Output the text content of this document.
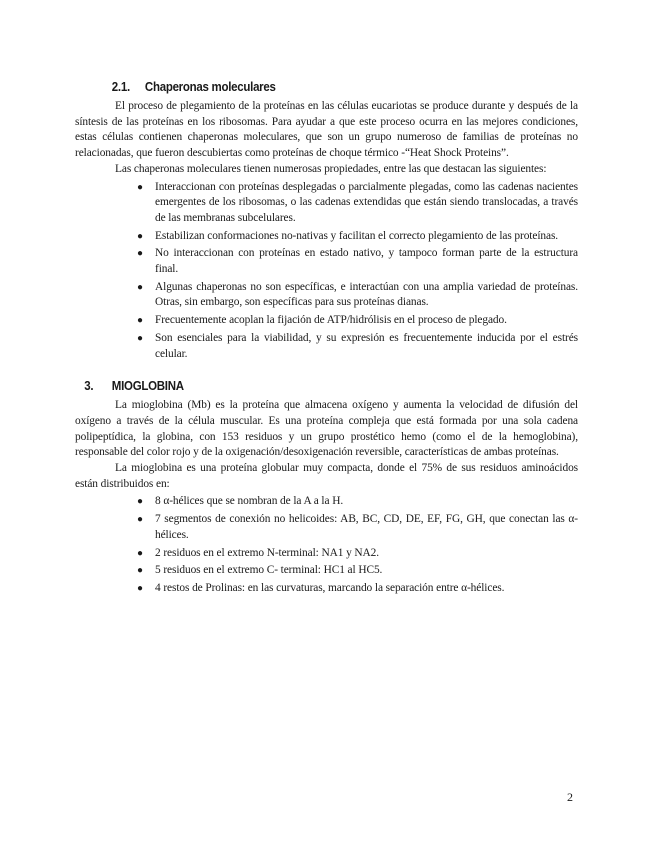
2.1. Chaperonas moleculares

El proceso de plegamiento de la proteínas en las células eucariotas se produce durante y después de la síntesis de las proteínas en los ribosomas. Para ayudar a que este proceso ocurra en las mejores condiciones, estas células contienen chaperonas moleculares, que son un grupo numeroso de familias de proteínas no relacionadas, que fueron descubiertas como proteínas de choque térmico -“Heat Shock Proteins”.

Las chaperonas moleculares tienen numerosas propiedades, entre las que destacan las siguientes:

● Interaccionan con proteínas desplegadas o parcialmente plegadas, como las cadenas nacientes emergentes de los ribosomas, o las cadenas extendidas que están siendo translocadas, a través de las membranas subcelulares.
● Estabilizan conformaciones no-nativas y facilitan el correcto plegamiento de las proteínas.
● No interaccionan con proteínas en estado nativo, y tampoco forman parte de la estructura final.
● Algunas chaperonas no son específicas, e interactúan con una amplia variedad de proteínas. Otras, sin embargo, son específicas para sus proteínas dianas.
● Frecuentemente acoplan la fijación de ATP/hidrólisis en el proceso de plegado.
● Son esenciales para la viabilidad, y su expresión es frecuentemente inducida por el estrés celular.
3. MIOGLOBINA

La mioglobina (Mb) es la proteína que almacena oxígeno y aumenta la velocidad de difusión del oxígeno a través de la célula muscular. Es una proteína compleja que está formada por una sola cadena polipeptídica, la globina, con 153 residuos y un grupo prostético hemo (como el de la hemoglobina), responsable del color rojo y de la oxigenación/desoxigenación reversible, características de ambas proteínas.

La mioglobina es una proteína globular muy compacta, donde el 75% de sus residuos aminoácidos están distribuidos en:

● 8 α-hélices que se nombran de la A a la H.
● 7 segmentos de conexión no helicoides: AB, BC, CD, DE, EF, FG, GH, que conectan las α-hélices.
● 2 residuos en el extremo N-terminal: NA1 y NA2.
● 5 residuos en el extremo C- terminal: HC1 al HC5.
● 4 restos de Prolinas: en las curvaturas, marcando la separación entre α-hélices.
2
